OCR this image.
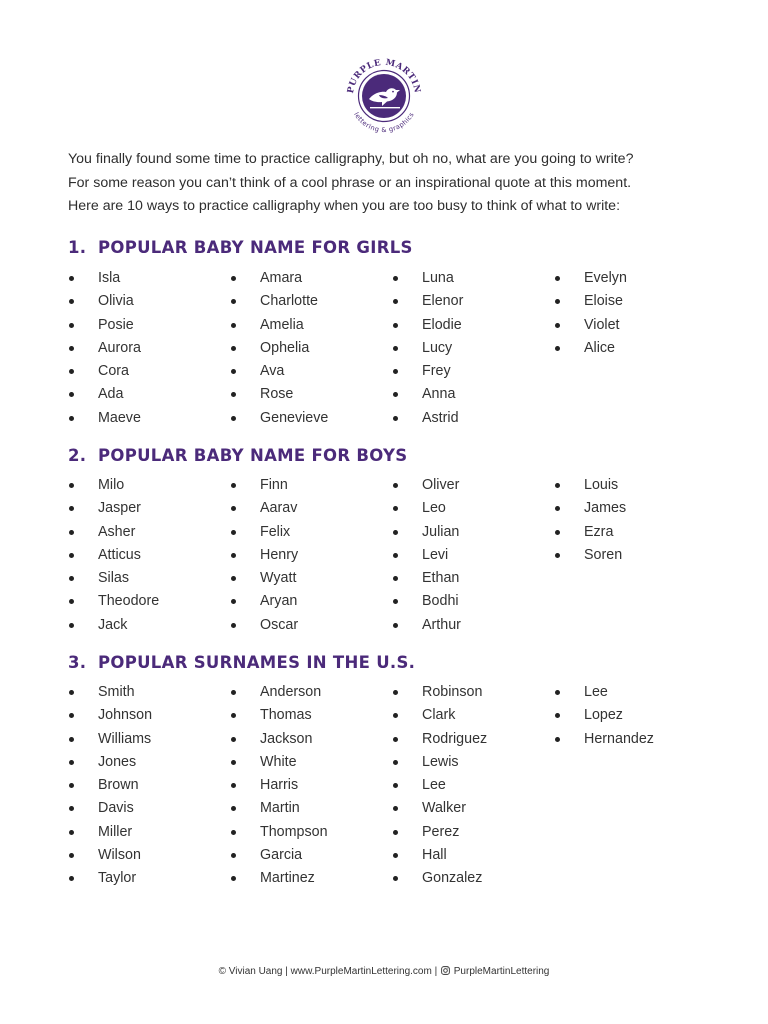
PURPLE MARTIN
lettering & graphics

You finally found some time to practice calligraphy, but oh no, what are you going to write?

For some reason you can’t think of a cool phrase or an inspirational quote at this moment.

Here are 10 ways to practice calligraphy when you are too busy to think of what to write:

1. POPULAR BABY NAME FOR GIRLS
Isla
Olivia
Posie
Aurora
Cora
Ada
Maeve
Amara
Charlotte
Amelia
Ophelia
Ava
Rose
Genevieve
Luna
Elenor
Elodie
Lucy
Frey
Anna
Astrid
Evelyn
Eloise
Violet
Alice
2. POPULAR BABY NAME FOR BOYS
Milo
Jasper
Asher
Atticus
Silas
Theodore
Jack
Finn
Aarav
Felix
Henry
Wyatt
Aryan
Oscar
Oliver
Leo
Julian
Levi
Ethan
Bodhi
Arthur
Louis
James
Ezra
Soren
3. POPULAR SURNAMES IN THE U.S.
Smith
Johnson
Williams
Jones
Brown
Davis
Miller
Wilson
Taylor
Anderson
Thomas
Jackson
White
Harris
Martin
Thompson
Garcia
Martinez
Robinson
Clark
Rodriguez
Lewis
Lee
Walker
Perez
Hall
Gonzalez
Lee
Lopez
Hernandez
© Vivian Uang | www.PurpleMartinLettering.com | PurpleMartinLettering
